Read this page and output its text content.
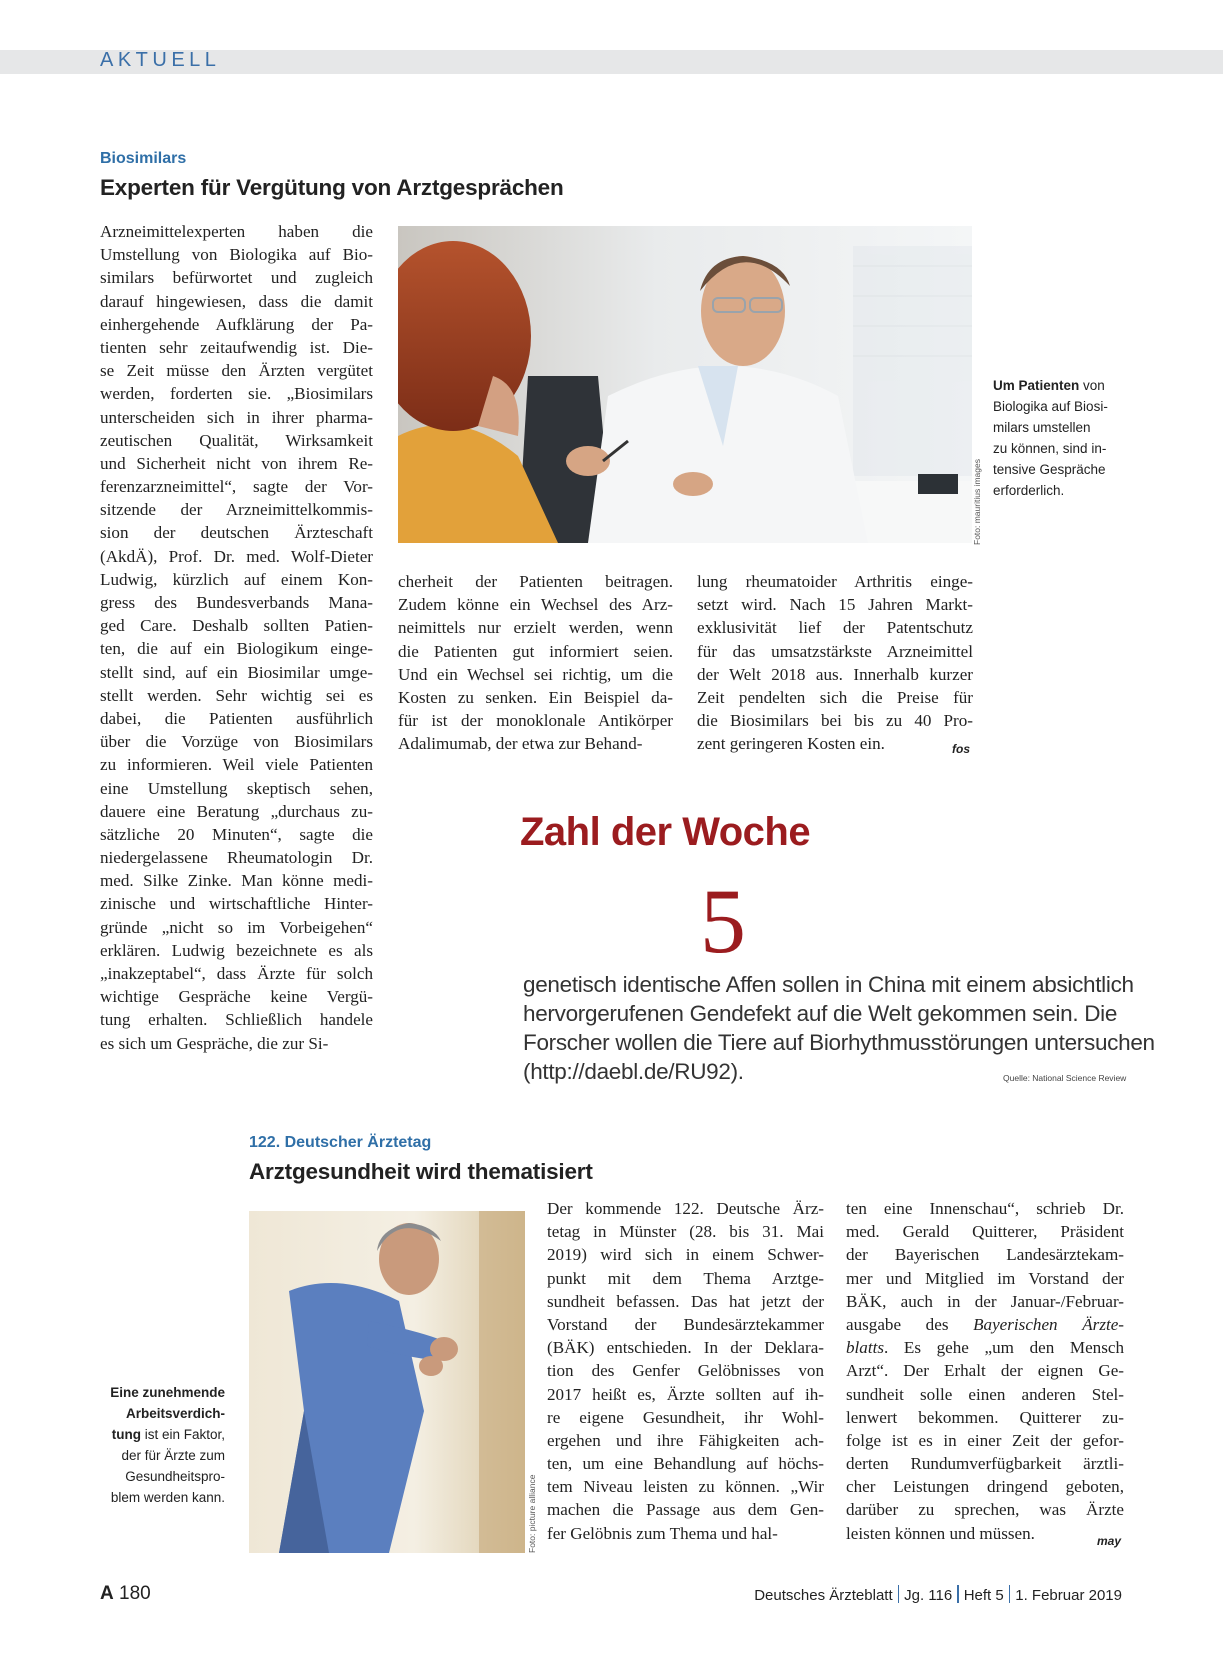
AKTUELL
Biosimilars
Experten für Vergütung von Arztgesprächen
Arzneimittelexperten haben die
Umstellung von Biologika auf Bio-
similars befürwortet und zugleich
darauf hingewiesen, dass die damit
einhergehende Aufklärung der Pa-
tienten sehr zeitaufwendig ist. Die-
se Zeit müsse den Ärzten vergütet
werden, forderten sie. „Biosimilars
unterscheiden sich in ihrer pharma-
zeutischen Qualität, Wirksamkeit
und Sicherheit nicht von ihrem Re-
ferenzarzneimittel“, sagte der Vor-
sitzende der Arzneimittelkommis-
sion der deutschen Ärzteschaft
(AkdÄ), Prof. Dr. med. Wolf-Dieter
Ludwig, kürzlich auf einem Kon-
gress des Bundesverbands Mana-
ged Care. Deshalb sollten Patien-
ten, die auf ein Biologikum einge-
stellt sind, auf ein Biosimilar umge-
stellt werden. Sehr wichtig sei es
dabei, die Patienten ausführlich
über die Vorzüge von Biosimilars
zu informieren. Weil viele Patienten
eine Umstellung skeptisch sehen,
dauere eine Beratung „durchaus zu-
sätzliche 20 Minuten“, sagte die
niedergelassene Rheumatologin Dr.
med. Silke Zinke. Man könne medi-
zinische und wirtschaftliche Hinter-
gründe „nicht so im Vorbeigehen“
erklären. Ludwig bezeichnete es als
„inakzeptabel“, dass Ärzte für solch
wichtige Gespräche keine Vergü-
tung erhalten. Schließlich handele
es sich um Gespräche, die zur Si-
Foto: mauritius images
Um Patienten von
Biologika auf Biosi-
milars umstellen
zu können, sind in-
tensive Gespräche
erforderlich.
cherheit der Patienten beitragen.
Zudem könne ein Wechsel des Arz-
neimittels nur erzielt werden, wenn
die Patienten gut informiert seien.
Und ein Wechsel sei richtig, um die
Kosten zu senken. Ein Beispiel da-
für ist der monoklonale Antikörper
Adalimumab, der etwa zur Behand-
lung rheumatoider Arthritis einge-
setzt wird. Nach 15 Jahren Markt-
exklusivität lief der Patentschutz
für das umsatzstärkste Arzneimittel
der Welt 2018 aus. Innerhalb kurzer
Zeit pendelten sich die Preise für
die Biosimilars bei bis zu 40 Pro-
zent geringeren Kosten ein.	fos
Zahl der Woche
5
genetisch identische Affen sollen in China mit einem absichtlich
hervorgerufenen Gendefekt auf die Welt gekommen sein. Die
Forscher wollen die Tiere auf Biorhythmusstörungen untersuchen
(http://daebl.de/RU92).	Quelle: National Science Review
122. Deutscher Ärztetag
Arztgesundheit wird thematisiert
Eine zunehmende
Arbeitsverdich-
tung ist ein Faktor,
der für Ärzte zum
Gesundheitspro-
blem werden kann.	Foto: picture alliance
Der kommende 122. Deutsche Ärz-
tetag in Münster (28. bis 31. Mai
2019) wird sich in einem Schwer-
punkt mit dem Thema Arztge-
sundheit befassen. Das hat jetzt der
Vorstand der Bundesärztekammer
(BÄK) entschieden. In der Deklara-
tion des Genfer Gelöbnisses von
2017 heißt es, Ärzte sollten auf ih-
re eigene Gesundheit, ihr Wohl-
ergehen und ihre Fähigkeiten ach-
ten, um eine Behandlung auf höchs-
tem Niveau leisten zu können. „Wir
machen die Passage aus dem Gen-
fer Gelöbnis zum Thema und hal-
ten eine Innenschau“, schrieb Dr.
med. Gerald Quitterer, Präsident
der Bayerischen Landesärztekam-
mer und Mitglied im Vorstand der
BÄK, auch in der Januar-/Februar-
ausgabe des Bayerischen Ärzte-
blatts. Es gehe „um den Mensch
Arzt“. Der Erhalt der eignen Ge-
sundheit solle einen anderen Stel-
lenwert bekommen. Quitterer zu-
folge ist es in einer Zeit der gefor-
derten Rundumverfügbarkeit ärztli-
cher Leistungen dringend geboten,
darüber zu sprechen, was Ärzte
leisten können und müssen.	may
A 180	Deutsches Ärzteblatt Jg. 116 Heft 5 1. Februar 2019
